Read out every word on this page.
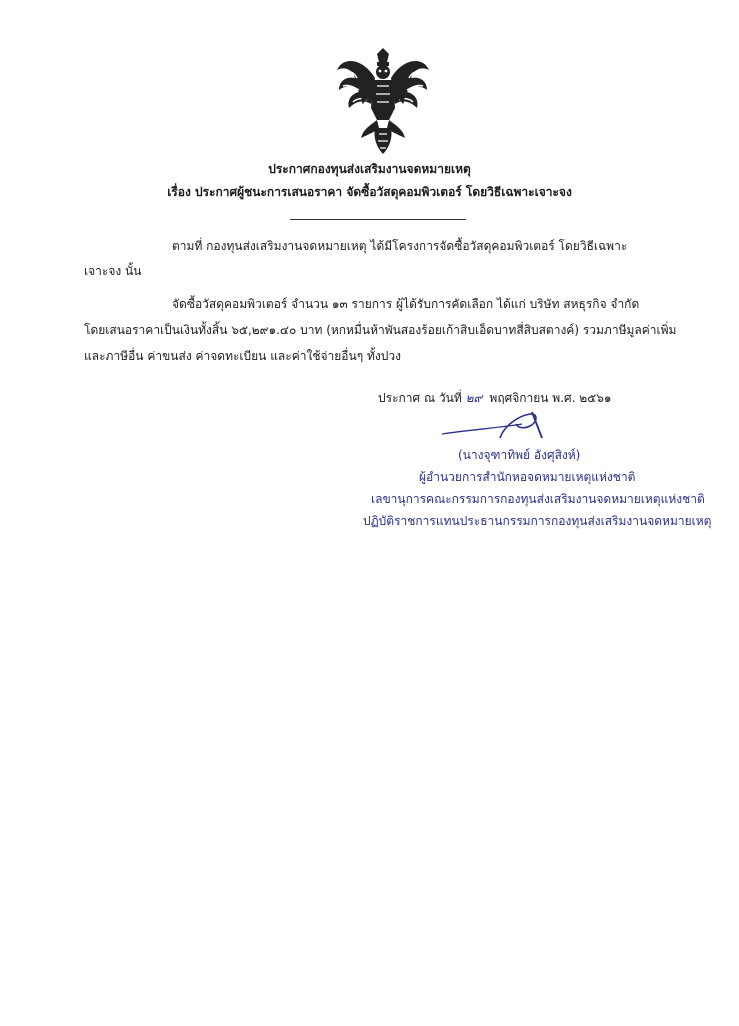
ประกาศกองทุนส่งเสริมงานจดหมายเหตุ
เรื่อง ประกาศผู้ชนะการเสนอราคา จัดซื้อวัสดุคอมพิวเตอร์ โดยวิธีเฉพาะเจาะจง
ตามที่ กองทุนส่งเสริมงานจดหมายเหตุ ได้มีโครงการจัดซื้อวัสดุคอมพิวเตอร์ โดยวิธีเฉพาะ
เจาะจง นั้น
จัดซื้อวัสดุคอมพิวเตอร์ จำนวน ๑๓ รายการ ผู้ได้รับการคัดเลือก ได้แก่ บริษัท สหธุรกิจ จำกัด
โดยเสนอราคาเป็นเงินทั้งสิ้น ๖๕,๒๙๑.๔๐ บาท (หกหมื่นห้าพันสองร้อยเก้าสิบเอ็ดบาทสี่สิบสตางค์) รวมภาษีมูลค่าเพิ่ม
และภาษีอื่น ค่าขนส่ง ค่าจดทะเบียน และค่าใช้จ่ายอื่นๆ ทั้งปวง
ประกาศ ณ วันที่ ๒๙ พฤศจิกายน พ.ศ. ๒๕๖๑
(นางจุฑาทิพย์ อังศุสิงห์)
ผู้อำนวยการสำนักหอจดหมายเหตุแห่งชาติ
เลขานุการคณะกรรมการกองทุนส่งเสริมงานจดหมายเหตุแห่งชาติ
ปฏิบัติราชการแทนประธานกรรมการกองทุนส่งเสริมงานจดหมายเหตุ
